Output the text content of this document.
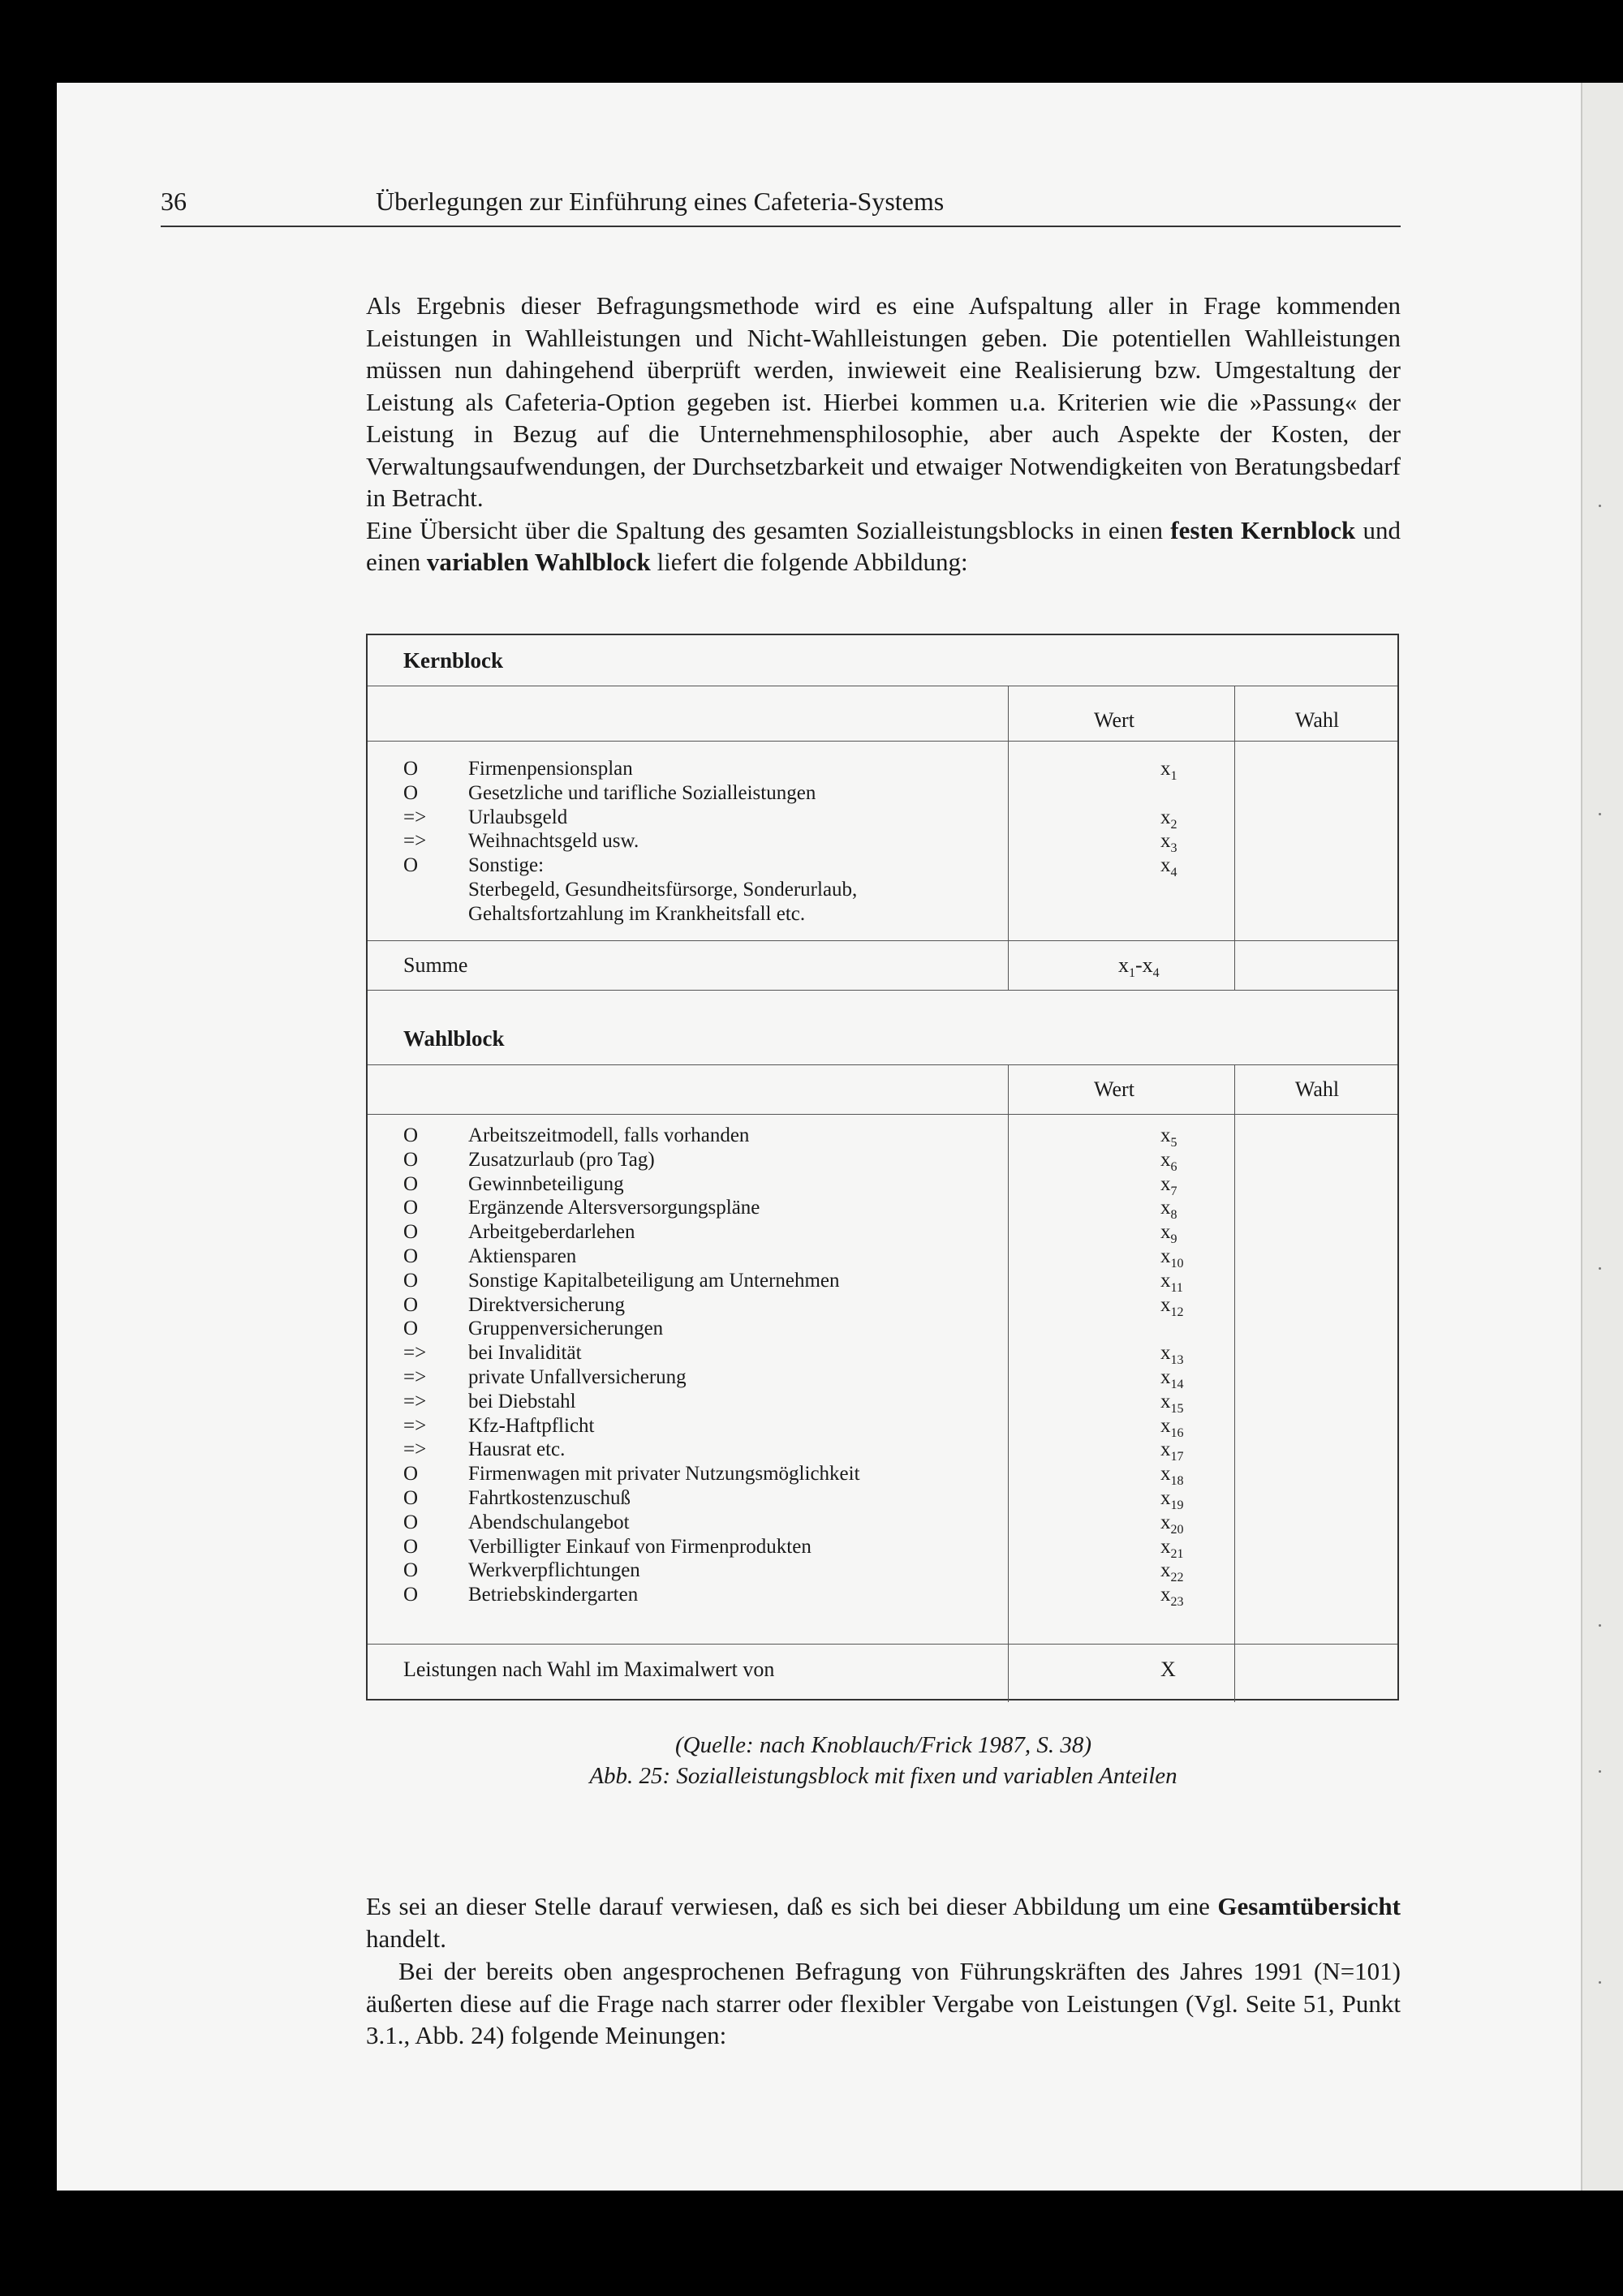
36	Überlegungen zur Einführung eines Cafeteria-Systems
Als Ergebnis dieser Befragungsmethode wird es eine Aufspaltung aller in Frage kommenden Leistungen in Wahlleistungen und Nicht-Wahlleistungen geben. Die potentiellen Wahlleistungen müssen nun dahingehend überprüft werden, inwieweit eine Realisierung bzw. Umgestaltung der Leistung als Cafeteria-Option gegeben ist. Hierbei kommen u.a. Kriterien wie die »Passung« der Leistung in Bezug auf die Unternehmensphilosophie, aber auch Aspekte der Kosten, der Verwaltungsaufwendungen, der Durchsetzbarkeit und etwaiger Notwendigkeiten von Beratungsbedarf in Betracht.
Eine Übersicht über die Spaltung des gesamten Sozialleistungsblocks in einen festen Kernblock und einen variablen Wahlblock liefert die folgende Abbildung:
Kernblock
Wert	Wahl
O Firmenpensionsplan	$x_1$
O Gesetzliche und tarifliche Sozialleistungen
=> Urlaubsgeld	$x_2$
=> Weihnachtsgeld usw.	$x_3$
O Sonstige:	$x_4$
Sterbegeld, Gesundheitsfürsorge, Sonderurlaub,
Gehaltsfortzahlung im Krankheitsfall etc.
Summe	$x_1-x_4$
Wahlblock
Wert	Wahl
O Arbeitszeitmodell, falls vorhanden	$x_5$
O Zusatzurlaub (pro Tag)	$x_6$
O Gewinnbeteiligung	$x_7$
O Ergänzende Altersversorgungspläne	$x_8$
O Arbeitgeberdarlehen	$x_9$
O Aktiensparen	$x_{10}$
O Sonstige Kapitalbeteiligung am Unternehmen	$x_{11}$
O Direktversicherung	$x_{12}$
O Gruppenversicherungen
=> bei Invalidität	$x_{13}$
=> private Unfallversicherung	$x_{14}$
=> bei Diebstahl	$x_{15}$
=> Kfz-Haftpflicht	$x_{16}$
=> Hausrat etc.	$x_{17}$
O Firmenwagen mit privater Nutzungsmöglichkeit	$x_{18}$
O Fahrtkostenzuschuß	$x_{19}$
O Abendschulangebot	$x_{20}$
O Verbilligter Einkauf von Firmenprodukten	$x_{21}$
O Werkverpflichtungen	$x_{22}$
O Betriebskindergarten	$x_{23}$
Leistungen nach Wahl im Maximalwert von	X
(Quelle: nach Knoblauch/Frick 1987, S. 38)
Abb. 25: Sozialleistungsblock mit fixen und variablen Anteilen
Es sei an dieser Stelle darauf verwiesen, daß es sich bei dieser Abbildung um eine Gesamtübersicht handelt.
Bei der bereits oben angesprochenen Befragung von Führungskräften des Jahres 1991 (N=101) äußerten diese auf die Frage nach starrer oder flexibler Vergabe von Leistungen (Vgl. Seite 51, Punkt 3.1., Abb. 24) folgende Meinungen:
